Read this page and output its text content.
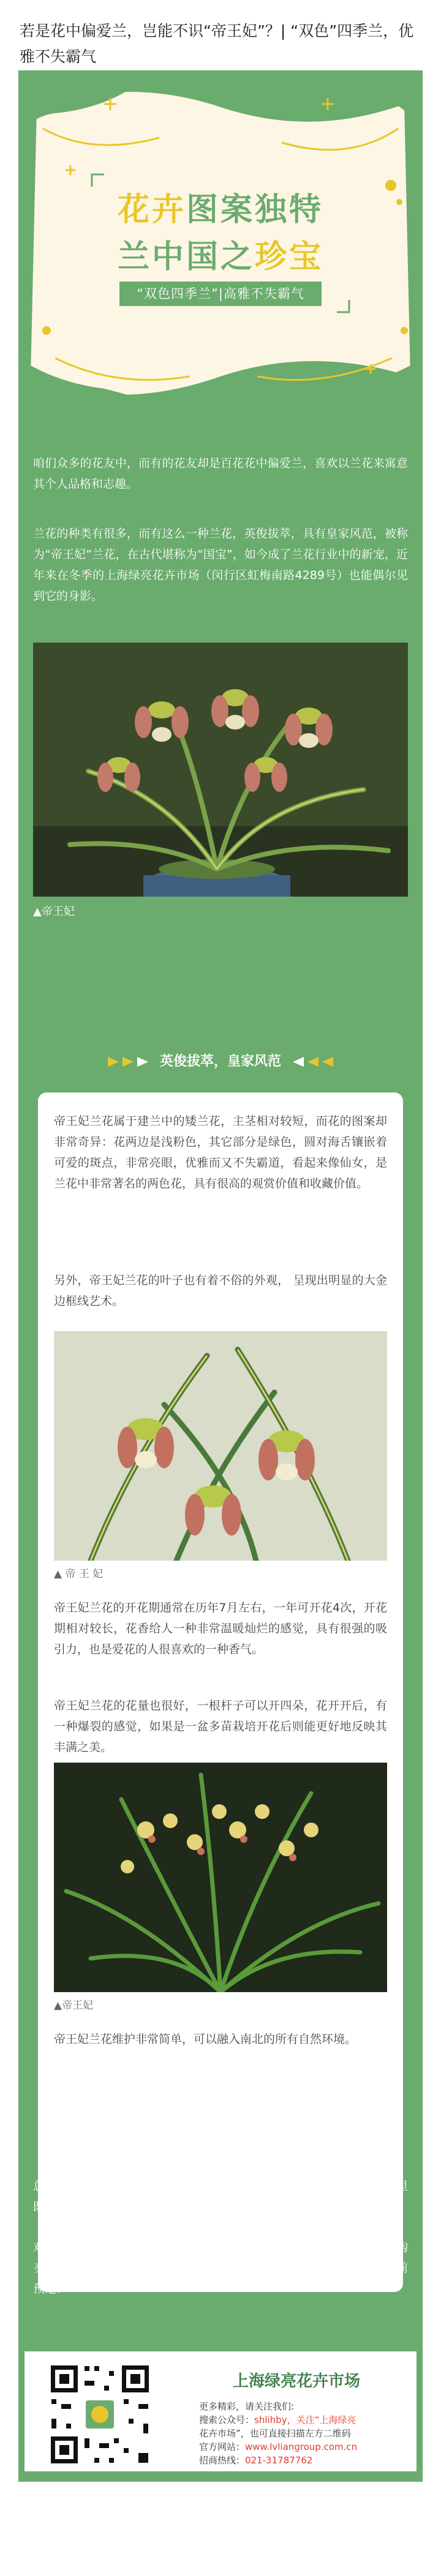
若是花中偏爱兰，岂能不识“帝王妃”？| “双色”四季兰，优雅不失霸气
花卉图案独特
兰中国之珍宝
“双色四季兰”|高雅不失霸气

咱们众多的花友中，而有的花友却是百花花中偏爱兰，喜欢以兰花来寓意其个人品格和志趣。

兰花的种类有很多，而有这么一种兰花，英俊拔萃，具有皇家风范，被称为“帝王妃”兰花，在古代堪称为“国宝”，如今成了兰花行业中的新宠，近年来在冬季的上海绿亮花卉市场（闵行区虹梅南路4289号）也能偶尔见到它的身影。

▲帝王妃
英俊拔萃，皇家风范

帝王妃兰花属于建兰中的矮兰花，主茎相对较短，而花的图案却非常奇异：花两边是浅粉色，其它部分是绿色，圆对海舌镶嵌着可爱的斑点，非常亮眼，优雅而又不失霸道，看起来像仙女，是兰花中非常著名的两色花，具有很高的观赏价值和收藏价值。

另外，帝王妃兰花的叶子也有着不俗的外观， 呈现出明显的大金边框线艺术。

▲ 帝 王 妃

帝王妃兰花的开花期通常在历年7月左右，一年可开花4次，开花期相对较长，花香给人一种非常温暖灿烂的感觉，具有很强的吸引力，也是爱花的人很喜欢的一种香气。

帝王妃兰花的花量也很好，一根杆子可以开四朵，花开开后，有一种爆裂的感觉，如果是一盆多苗栽培开花后则能更好地反映其丰满之美。

▲帝王妃

帝王妃兰花维护非常简单，可以融入南北的所有自然环境。

总之，帝王妃兰花是一种花卉图案独特、表现力强的优秀兰花，放在家里既能美化家居又能提升居室的档次感。

欢迎大家前来绿亮花卉市场（闵行区虹梅南路4289号）寻觅、欣赏、购买，如果一时购买不到也可以与市场内的兰花商贩们进行咨询和设法提前预定！

上海绿亮花卉市场
更多精彩，请关注我们:
搜索公众号：shlihby，关注“上海绿亮
花卉市场”，也可直接扫描左方二维码
官方网站：www.lvliangroup.com.cn
招商热线：021-31787762
